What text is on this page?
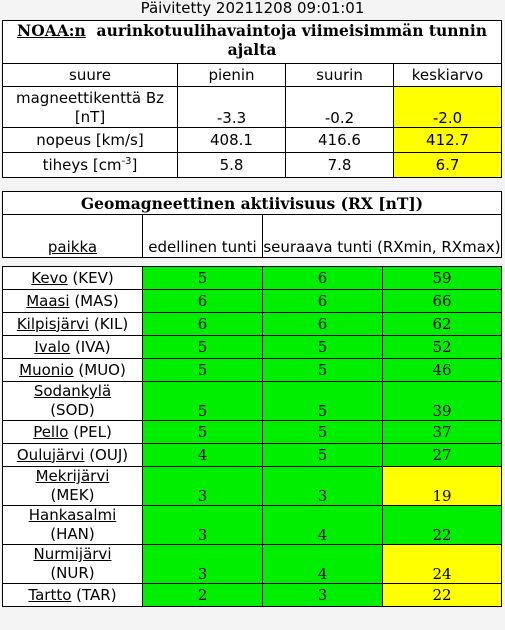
Päivitetty 20211208 09:01:01
NOAA:n aurinkotuulihavaintoja viimeisimmän tunnin ajalta			
suure	pienin	suurin	keskiarvo
magneettikenttä Bz [nT]	-3.3	-0.2	-2.0
nopeus [km/s]	408.1	416.6	412.7
tiheys $[cm^{-3}]$	5.8	7.8	6.7
Geomagneettinen aktiivisuus (RX [nT])
paikka	edellinen tunti	seuraava tunti (RXmin, RXmax)
Kevo (KEV)	5	6	59
Maasi (MAS)	6	6	66
Kilpisjärvi (KIL)	6	6	62
Ivalo (IVA)	5	5	52
Muonio (MUO)	5	5	46
Sodankylä
(SOD)	5	5	39
Pello (PEL)	5	5	37
Oulujärvi (OUJ)	4	5	27
Mekrijärvi
(MEK)	3	3	19
Hankasalmi
(HAN)	3	4	22
Nurmijärvi
(NUR)	3	4	24
Tartto (TAR)	2	3	22
